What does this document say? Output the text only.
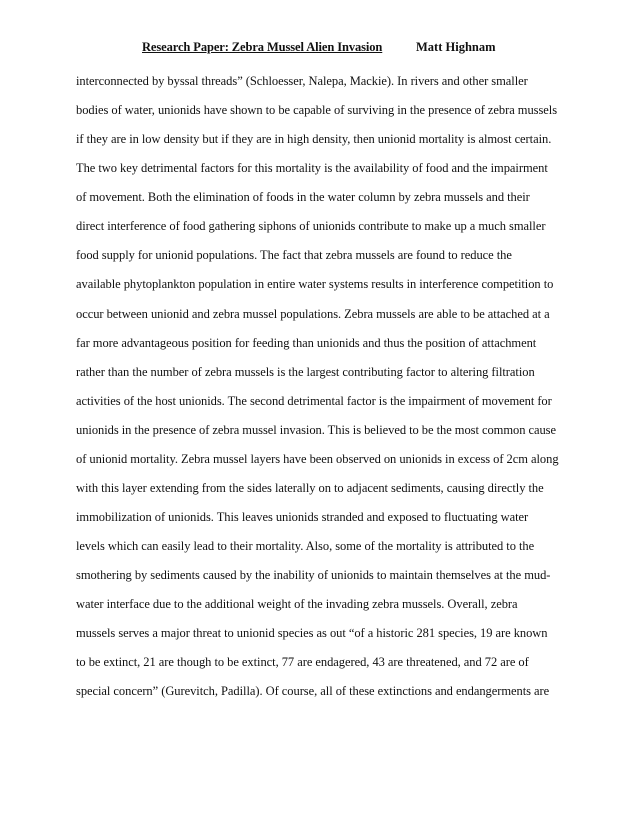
Research Paper: Zebra Mussel Alien Invasion	Matt Highnam
interconnected by byssal threads” (Schloesser, Nalepa, Mackie). In rivers and other smaller
bodies of water, unionids have shown to be capable of surviving in the presence of zebra mussels
if they are in low density but if they are in high density, then unionid mortality is almost certain.
The two key detrimental factors for this mortality is the availability of food and the impairment
of movement. Both the elimination of foods in the water column by zebra mussels and their
direct interference of food gathering siphons of unionids contribute to make up a much smaller
food supply for unionid populations. The fact that zebra mussels are found to reduce the
available phytoplankton population in entire water systems results in interference competition to
occur between unionid and zebra mussel populations. Zebra mussels are able to be attached at a
far more advantageous position for feeding than unionids and thus the position of attachment
rather than the number of zebra mussels is the largest contributing factor to altering filtration
activities of the host unionids. The second detrimental factor is the impairment of movement for
unionids in the presence of zebra mussel invasion. This is believed to be the most common cause
of unionid mortality. Zebra mussel layers have been observed on unionids in excess of 2cm along
with this layer extending from the sides laterally on to adjacent sediments, causing directly the
immobilization of unionids. This leaves unionids stranded and exposed to fluctuating water
levels which can easily lead to their mortality. Also, some of the mortality is attributed to the
smothering by sediments caused by the inability of unionids to maintain themselves at the mud-
water interface due to the additional weight of the invading zebra mussels. Overall, zebra
mussels serves a major threat to unionid species as out “of a historic 281 species, 19 are known
to be extinct, 21 are though to be extinct, 77 are endagered, 43 are threatened, and 72 are of
special concern” (Gurevitch, Padilla). Of course, all of these extinctions and endangerments are
